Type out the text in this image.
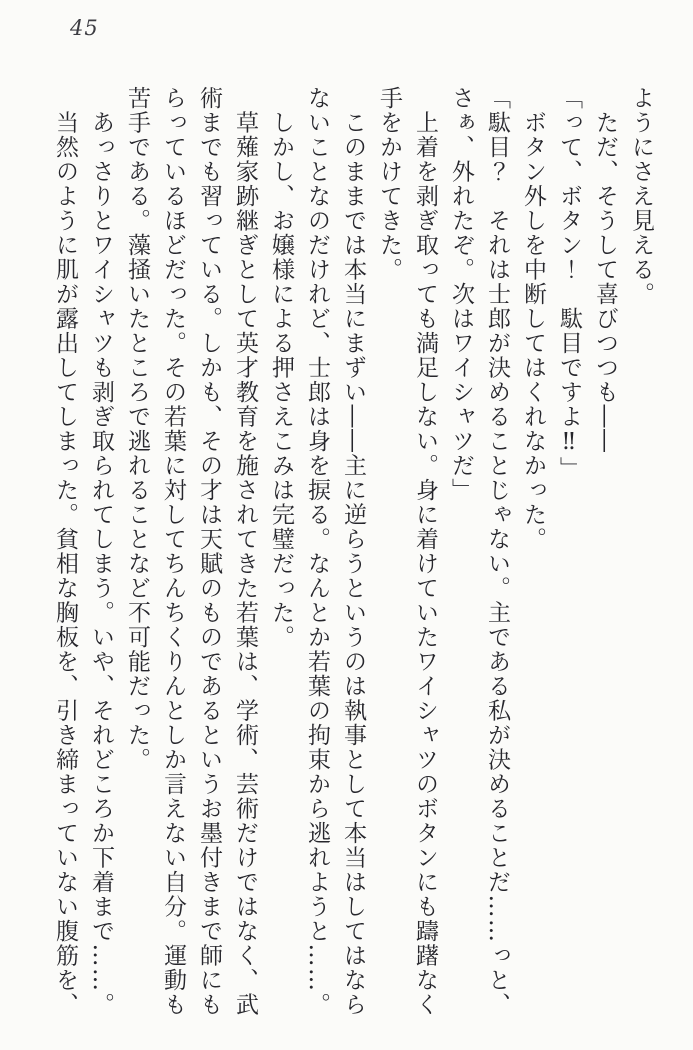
45

ようにさえ見える。

　ただ、そうして喜びつつも――

「って、ボタン！　駄目ですよ‼」

　ボタン外しを中断してはくれなかった。

「駄目？　それは士郎が決めることじゃない。主である私が決めることだ……っと、

さぁ、外れたぞ。次はワイシャツだ」

　上着を剥ぎ取っても満足しない。身に着けていたワイシャツのボタンにも躊躇なく

手をかけてきた。

　このままでは本当にまずい――主に逆らうというのは執事として本当はしてはなら

ないことなのだけれど、士郎は身を捩る。なんとか若葉の拘束から逃れようと……。

　しかし、お嬢様による押さえこみは完璧だった。

　草薙家跡継ぎとして英才教育を施されてきた若葉は、学術、芸術だけではなく、武

術までも習っている。しかも、その才は天賦のものであるというお墨付きまで師にも

らっているほどだった。その若葉に対してちんちくりんとしか言えない自分。運動も

苦手である。藻掻いたところで逃れることなど不可能だった。

　あっさりとワイシャツも剥ぎ取られてしまう。いや、それどころか下着まで……。

　当然のように肌が露出してしまった。貧相な胸板を、引き締まっていない腹筋を、
